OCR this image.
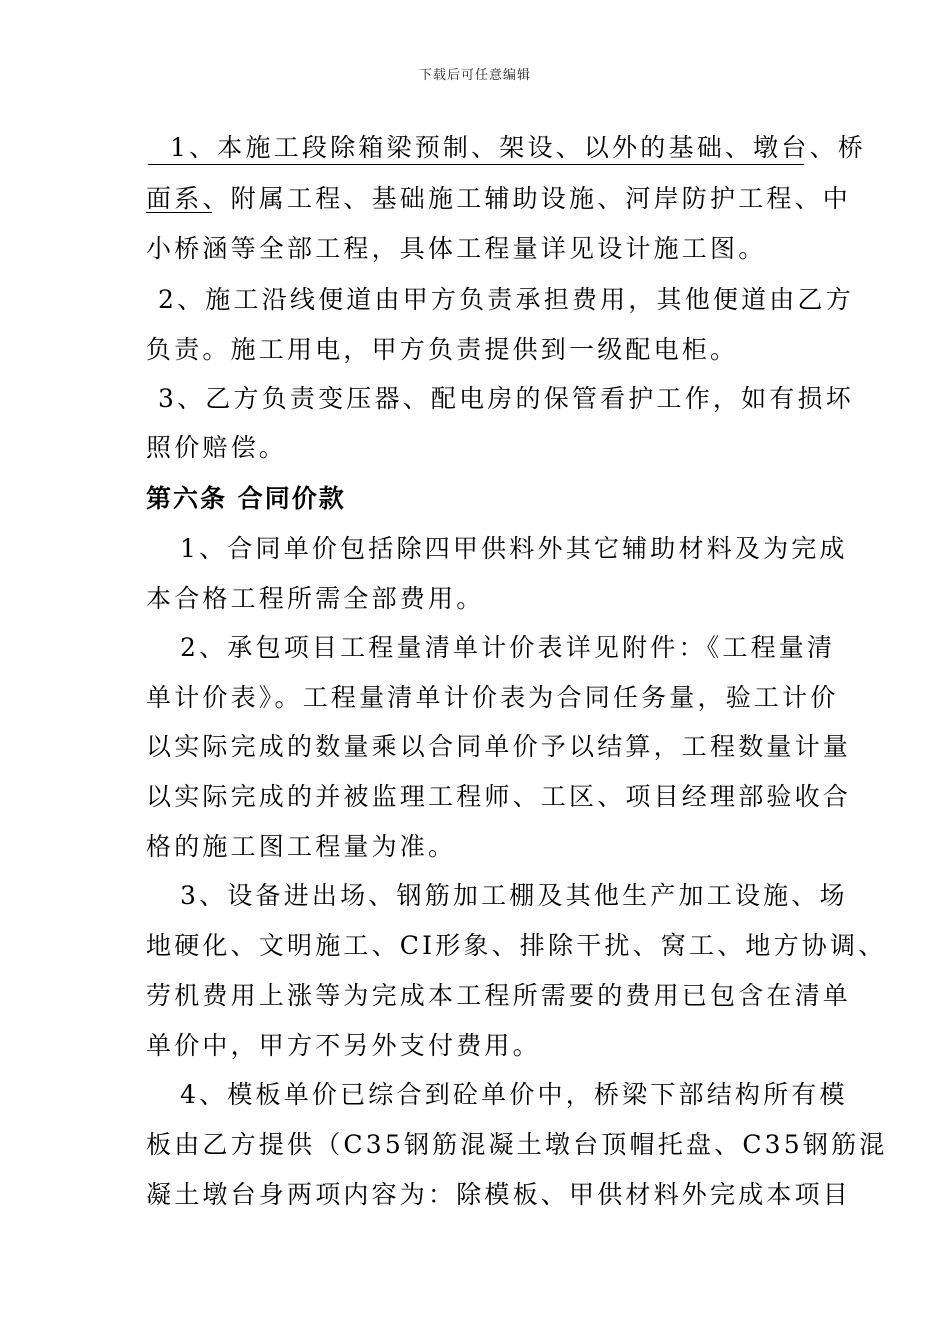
下载后可任意编辑
1、本施工段除箱梁预制、架设、以外的基础、墩台、桥
面系、附属工程、基础施工辅助设施、河岸防护工程、中
小桥涵等全部工程，具体工程量详见设计施工图。
2、施工沿线便道由甲方负责承担费用，其他便道由乙方
负责。施工用电，甲方负责提供到一级配电柜。
3、乙方负责变压器、配电房的保管看护工作，如有损坏
照价赔偿。
第六条 合同价款
1、合同单价包括除四甲供料外其它辅助材料及为完成
本合格工程所需全部费用。
2、承包项目工程量清单计价表详见附件：《工程量清
单计价表》。工程量清单计价表为合同任务量，验工计价
以实际完成的数量乘以合同单价予以结算，工程数量计量
以实际完成的并被监理工程师、工区、项目经理部验收合
格的施工图工程量为准。
3、设备进出场、钢筋加工棚及其他生产加工设施、场
地硬化、文明施工、CI形象、排除干扰、窝工、地方协调、
劳机费用上涨等为完成本工程所需要的费用已包含在清单
单价中，甲方不另外支付费用。
4、模板单价已综合到砼单价中，桥梁下部结构所有模
板由乙方提供（C35钢筋混凝土墩台顶帽托盘、C35钢筋混
凝土墩台身两项内容为：除模板、甲供材料外完成本项目
